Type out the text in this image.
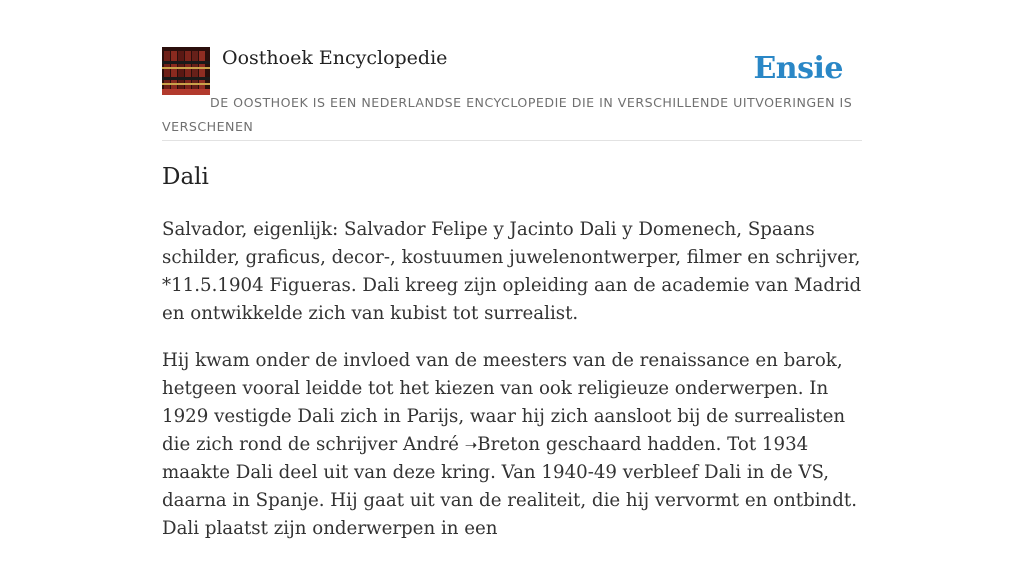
Oosthoek Encyclopedie	Ensie
DE OOSTHOEK IS EEN NEDERLANDSE ENCYCLOPEDIE DIE IN VERSCHILLENDE UITVOERINGEN IS VERSCHENEN
Dali

Salvador, eigenlijk: Salvador Felipe y Jacinto Dali y Domenech, Spaans schilder, graficus, decor-, kostuumen juwelenontwerper, filmer en schrijver, *11.5.1904 Figueras. Dali kreeg zijn opleiding aan de academie van Madrid en ontwikkelde zich van kubist tot surrealist.

Hij kwam onder de invloed van de meesters van de renaissance en barok, hetgeen vooral leidde tot het kiezen van ook religieuze onderwerpen. In 1929 vestigde Dali zich in Parijs, waar hij zich aansloot bij de surrealisten die zich rond de schrijver André ➝Breton geschaard hadden. Tot 1934 maakte Dali deel uit van deze kring. Van 1940-49 verbleef Dali in de VS, daarna in Spanje. Hij gaat uit van de realiteit, die hij vervormt en ontbindt. Dali plaatst zijn onderwerpen in een
